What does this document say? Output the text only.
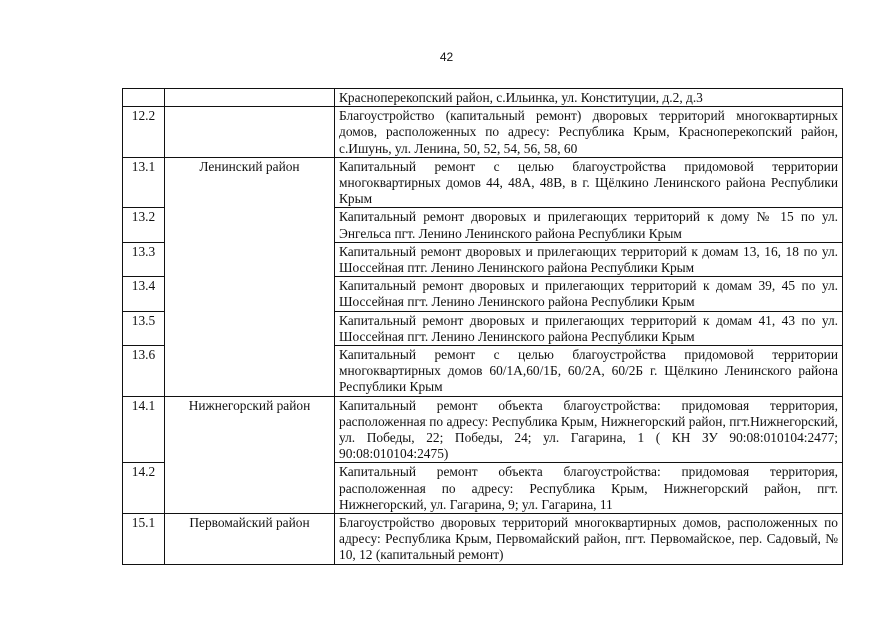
42
		Красноперекопский район, с.Ильинка, ул. Конституции, д.2, д.3
12.2		Благоустройство (капитальный ремонт) дворовых территорий многоквартирных домов, расположенных по адресу: Республика Крым, Красноперекопский район, с.Ишунь, ул. Ленина, 50, 52, 54, 56, 58, 60
13.1	Ленинский район	Капитальный ремонт с целью благоустройства придомовой территории многоквартирных домов 44, 48А, 48В, в г. Щёлкино Ленинского района Республики Крым
13.2		Капитальный ремонт дворовых и прилегающих территорий к дому № 15 по ул. Энгельса пгт. Ленино Ленинского района Республики Крым
13.3		Капитальный ремонт дворовых и прилегающих территорий к домам 13, 16, 18 по ул. Шоссейная птг. Ленино Ленинского района Республики Крым
13.4		Капитальный ремонт дворовых и прилегающих территорий к домам 39, 45 по ул. Шоссейная пгт. Ленино Ленинского района Республики Крым
13.5		Капитальный ремонт дворовых и прилегающих территорий к домам 41, 43 по ул. Шоссейная пгт. Ленино Ленинского района Республики Крым
13.6		Капитальный ремонт с целью благоустройства придомовой территории многоквартирных домов 60/1А,60/1Б, 60/2А, 60/2Б г. Щёлкино Ленинского района Республики Крым
14.1	Нижнегорский район	Капитальный ремонт объекта благоустройства: придомовая территория, расположенная по адресу: Республика Крым, Нижнегорский район, пгт.Нижнегорский, ул. Победы, 22; Победы, 24; ул. Гагарина, 1 ( КН ЗУ 90:08:010104:2477; 90:08:010104:2475)
14.2		Капитальный ремонт объекта благоустройства: придомовая территория, расположенная по адресу: Республика Крым, Нижнегорский район, пгт. Нижнегорский, ул. Гагарина, 9; ул. Гагарина, 11
15.1	Первомайский район	Благоустройство дворовых территорий многоквартирных домов, расположенных по адресу: Республика Крым, Первомайский район, пгт. Первомайское, пер. Садовый, № 10, 12 (капитальный ремонт)
